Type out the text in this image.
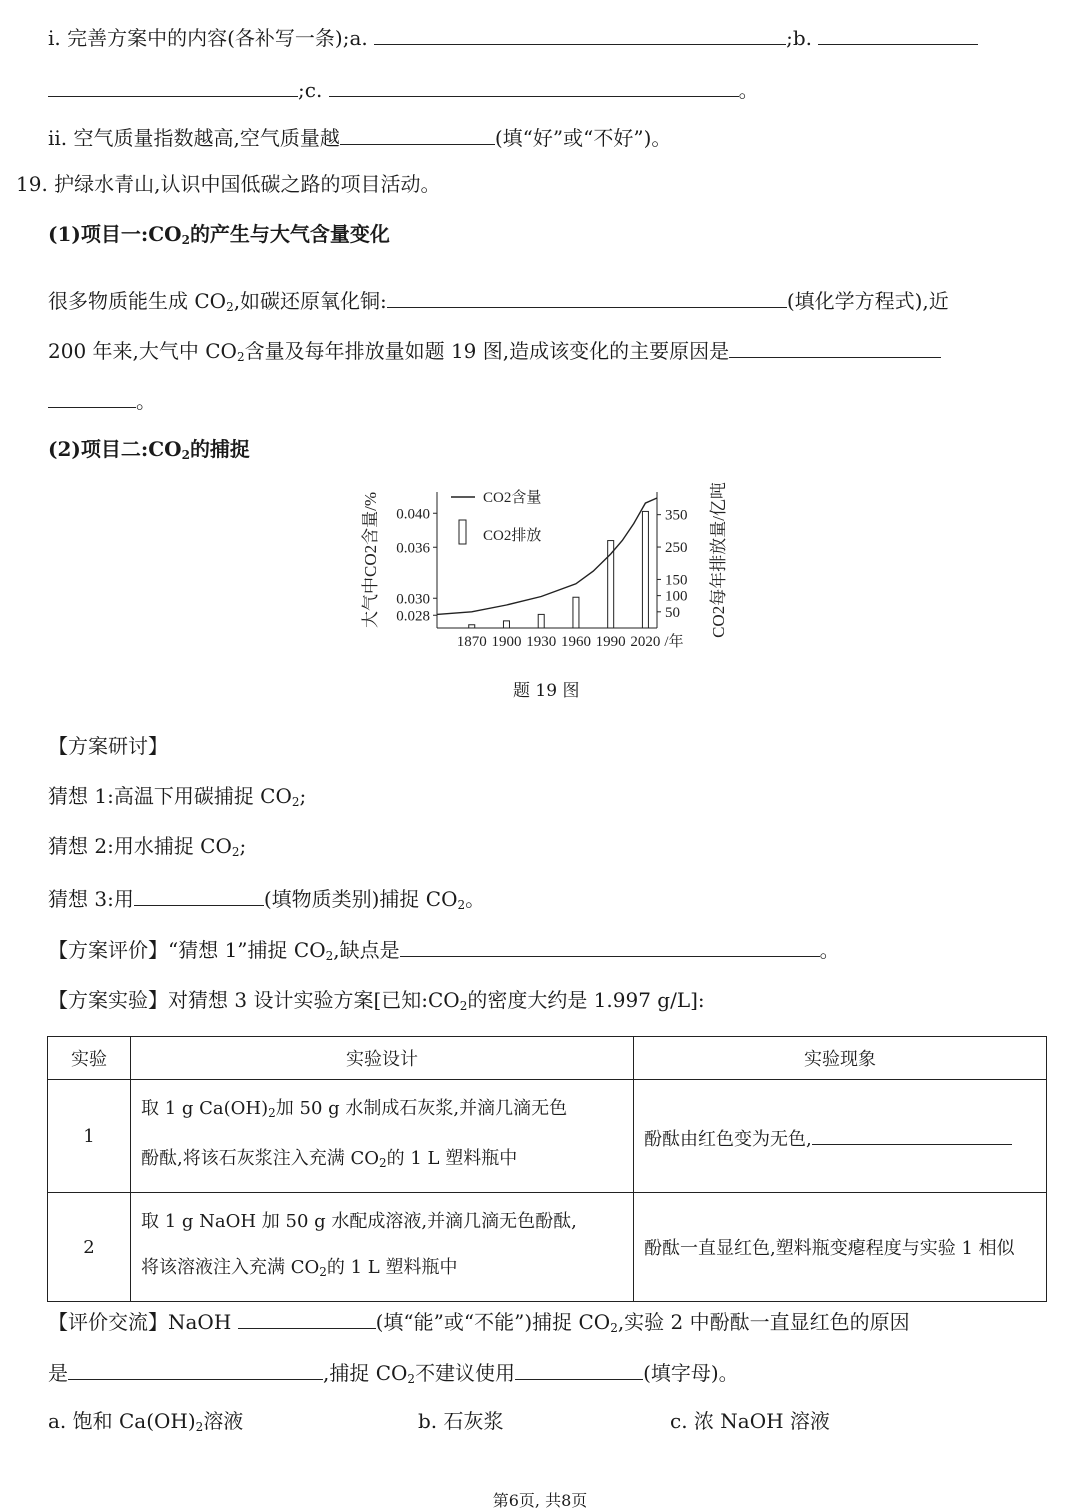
i. 完善方案中的内容(各补写一条);a.	;b.
;c.	。
ii. 空气质量指数越高,空气质量越	(填“好”或“不好”)。
19. 护绿水青山,认识中国低碳之路的项目活动。
(1)项目一$:CO_2$的产生与大气含量变化
很多物质能生成 $CO_2$,如碳还原氧化铜:	(填化学方程式),近
200 年来,大气中 $CO_2$含量及每年排放量如题 19 图,造成该变化的主要原因是
。
(2)项目二$:CO_2$的捕捉
0.028
0.030
0.036
0.040
50
100
150
250
350
1870 1900 1930 1960 1990 2020 /年
CO2含量
CO2排放
大气中CO2含量/%	CO2每年排放量/亿吨
题 19 图
【方案研讨】
猜想 1:高温下用碳捕捉 $CO_2$;
猜想 2:用水捕捉 $CO_2$;
猜想 3:用	(填物质类别)捕捉 $CO_2$。
【方案评价】“猜想 1”捕捉 $CO_2$,缺点是	。
【方案实验】对猜想 3 设计实验方案[已知$:CO_2$的密度大约是 1.997 g/L]:
实验	实验设计	实验现象
1	取 1 g $Ca(OH)_2$加 50 g 水制成石灰浆,并滴几滴无色
酚酞,将该石灰浆注入充满 $CO_2$的 1 L 塑料瓶中	酚酞由红色变为无色,
2	取 1 g NaOH 加 50 g 水配成溶液,并滴几滴无色酚酞,
将该溶液注入充满 $CO_2$的 1 L 塑料瓶中	酚酞一直显红色,塑料瓶变瘪程度与实验 1 相似
【评价交流】NaOH	(填“能”或“不能”)捕捉 $CO_2$,实验 2 中酚酞一直显红色的原因
是	,捕捉 $CO_2$不建议使用	(填字母)。
a. 饱和 $Ca(OH)_2$溶液	b. 石灰浆	c. 浓 NaOH 溶液
第6页, 共8页
